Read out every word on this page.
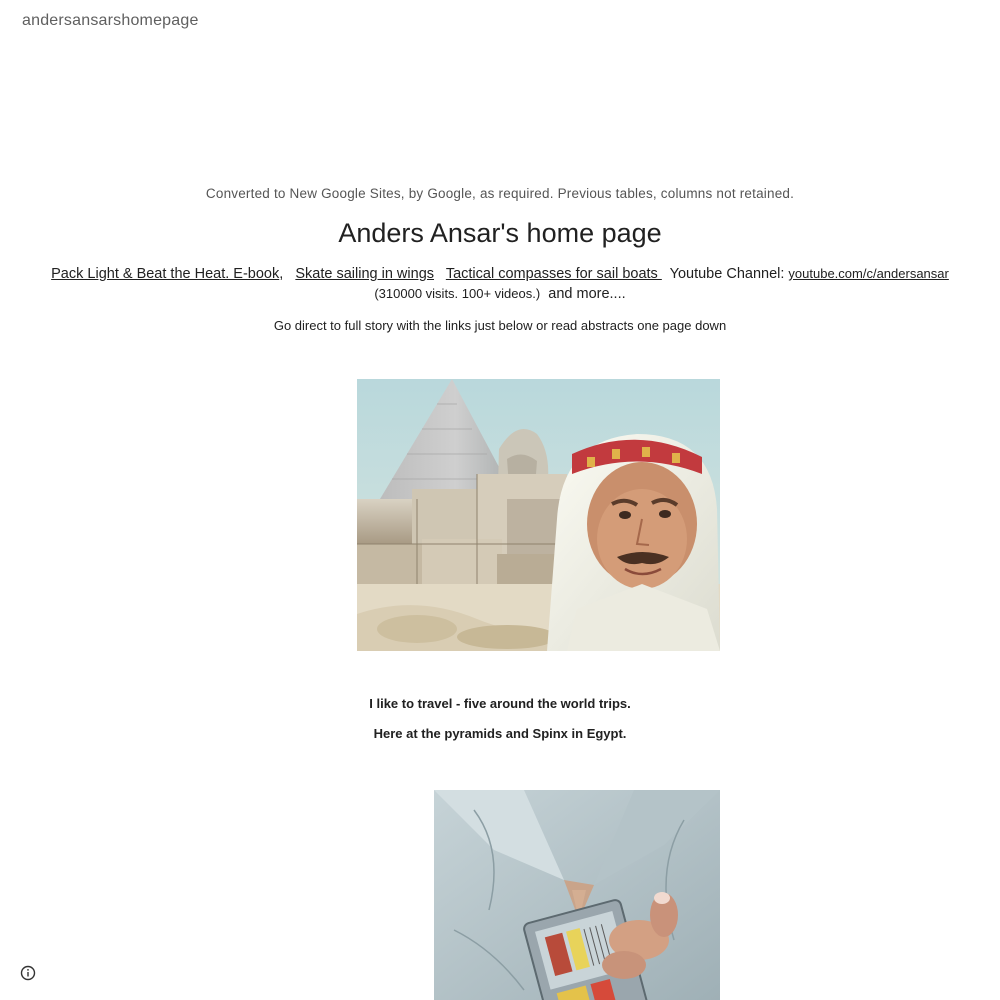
andersansarshomepage
Converted to New Google Sites, by Google, as required. Previous tables, columns not retained.
Anders Ansar's home page
Pack Light & Beat the Heat. E-book, Skate sailing in wings Tactical compasses for sail boats   Youtube Channel: youtube.com/c/andersansar (310000 visits. 100+ videos.) and more....
Go direct to full story with the links just below or read abstracts one page down
I like to travel - five around the world trips.
Here at the pyramids and Spinx in Egypt.
